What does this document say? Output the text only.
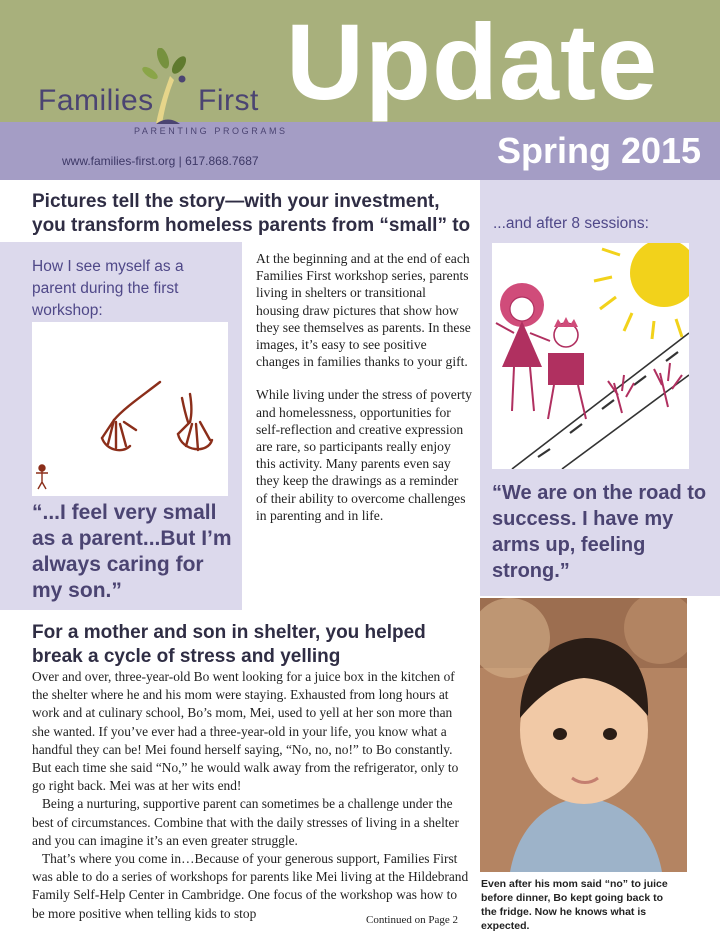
Families First
PARENTING PROGRAMS
www.families-first.org | 617.868.7687
Update
Spring 2015
Pictures tell the story—with your investment, you transform homeless parents from “small” to
How I see myself as a parent during the first workshop:
“...I feel very small as a parent...But I’m always caring for my son.”

At the beginning and at the end of each Families First workshop series, parents living in shelters or transitional housing draw pictures that show how they see themselves as parents. In these images, it’s easy to see positive changes in families thanks to your gift.

While living under the stress of poverty and homelessness, opportunities for self-reflection and creative expression are rare, so participants really enjoy this activity. Many parents even say they keep the drawings as a reminder of their ability to overcome challenges in parenting and in life.

...and after 8 sessions:
“We are on the road to success. I have my arms up, feeling strong.”
Even after his mom said “no” to juice before dinner, Bo kept going back to the fridge. Now he knows what is expected.
For a mother and son in shelter, you helped break a cycle of stress and yelling

Over and over, three-year-old Bo went looking for a juice box in the kitchen of the shelter where he and his mom were staying. Exhausted from long hours at work and at culinary school, Bo’s mom, Mei, used to yell at her son more than she wanted. If you’ve ever had a three-year-old in your life, you know what a handful they can be! Mei found herself saying, “No, no, no!” to Bo constantly. But each time she said “No,” he would walk away from the refrigerator, only to go right back. Mei was at her wits end!

Being a nurturing, supportive parent can sometimes be a challenge under the best of circumstances. Combine that with the daily stresses of living in a shelter and you can imagine it’s an even greater struggle.

That’s where you come in…Because of your generous support, Families First was able to do a series of workshops for parents like Mei living at the Hildebrand Family Self-Help Center in Cambridge. One focus of the workshop was how to be more positive when telling kids to stop	Continued on Page 2
